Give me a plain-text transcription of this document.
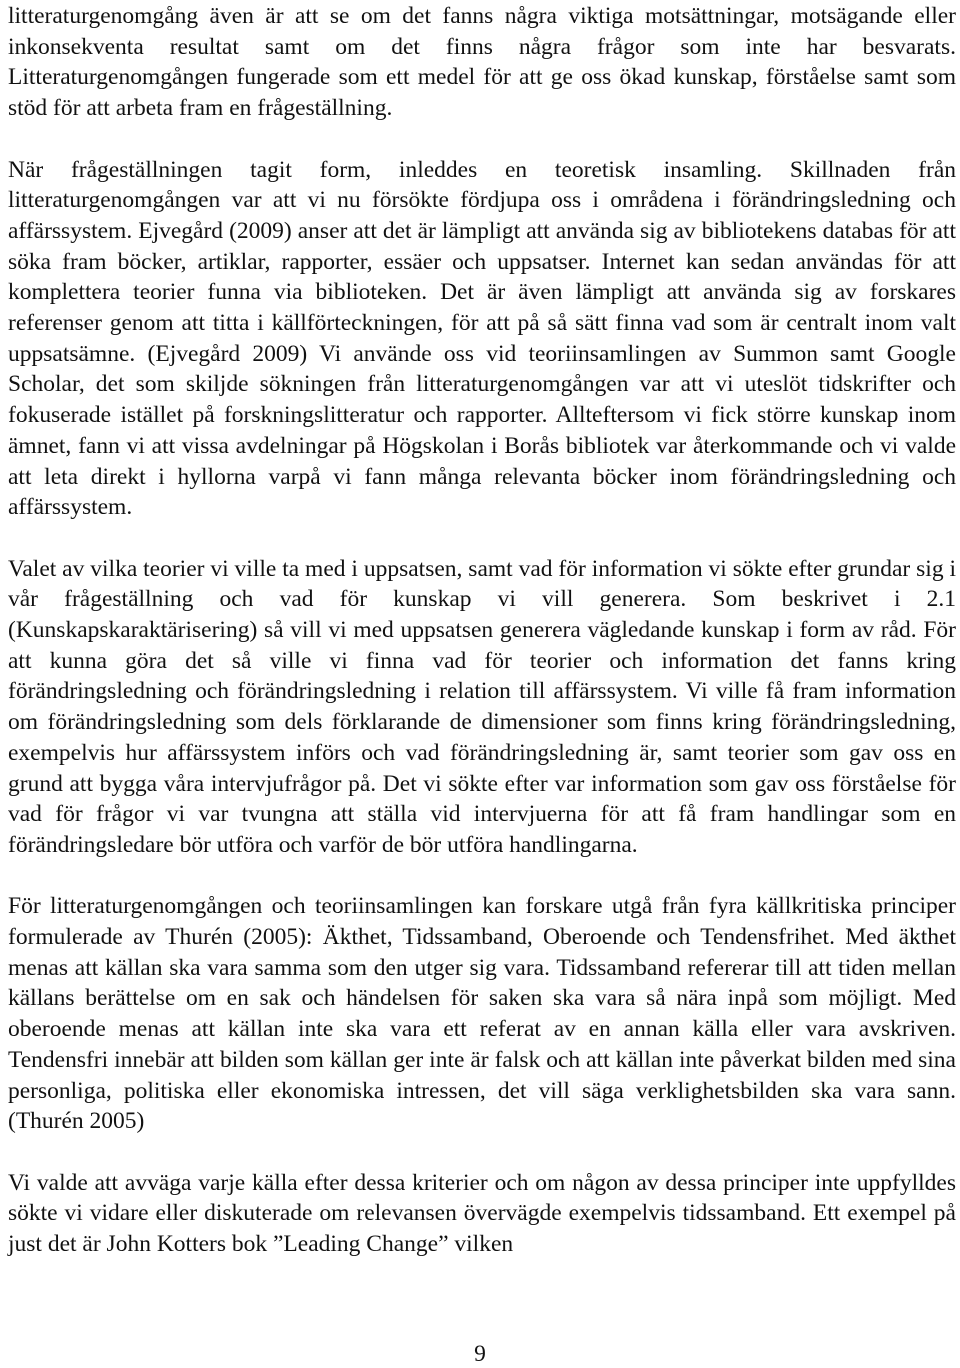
litteraturgenomgång även är att se om det fanns några viktiga motsättningar, motsägande eller inkonsekventa resultat samt om det finns några frågor som inte har besvarats. Litteraturgenomgången fungerade som ett medel för att ge oss ökad kunskap, förståelse samt som stöd för att arbeta fram en frågeställning.

När frågeställningen tagit form, inleddes en teoretisk insamling. Skillnaden från litteraturgenomgången var att vi nu försökte fördjupa oss i områdena i förändringsledning och affärssystem. Ejvegård (2009) anser att det är lämpligt att använda sig av bibliotekens databas för att söka fram böcker, artiklar, rapporter, essäer och uppsatser. Internet kan sedan användas för att komplettera teorier funna via biblioteken. Det är även lämpligt att använda sig av forskares referenser genom att titta i källförteckningen, för att på så sätt finna vad som är centralt inom valt uppsatsämne. (Ejvegård 2009) Vi använde oss vid teoriinsamlingen av Summon samt Google Scholar, det som skiljde sökningen från litteraturgenomgången var att vi uteslöt tidskrifter och fokuserade istället på forskningslitteratur och rapporter. Allteftersom vi fick större kunskap inom ämnet, fann vi att vissa avdelningar på Högskolan i Borås bibliotek var återkommande och vi valde att leta direkt i hyllorna varpå vi fann många relevanta böcker inom förändringsledning och affärssystem.

Valet av vilka teorier vi ville ta med i uppsatsen, samt vad för information vi sökte efter grundar sig i vår frågeställning och vad för kunskap vi vill generera. Som beskrivet i 2.1 (Kunskapskaraktärisering) så vill vi med uppsatsen generera vägledande kunskap i form av råd. För att kunna göra det så ville vi finna vad för teorier och information det fanns kring förändringsledning och förändringsledning i relation till affärssystem. Vi ville få fram information om förändringsledning som dels förklarande de dimensioner som finns kring förändringsledning, exempelvis hur affärssystem införs och vad förändringsledning är, samt teorier som gav oss en grund att bygga våra intervjufrågor på. Det vi sökte efter var information som gav oss förståelse för vad för frågor vi var tvungna att ställa vid intervjuerna för att få fram handlingar som en förändringsledare bör utföra och varför de bör utföra handlingarna.

För litteraturgenomgången och teoriinsamlingen kan forskare utgå från fyra källkritiska principer formulerade av Thurén (2005): Äkthet, Tidssamband, Oberoende och Tendensfrihet. Med äkthet menas att källan ska vara samma som den utger sig vara. Tidssamband refererar till att tiden mellan källans berättelse om en sak och händelsen för saken ska vara så nära inpå som möjligt. Med oberoende menas att källan inte ska vara ett referat av en annan källa eller vara avskriven. Tendensfri innebär att bilden som källan ger inte är falsk och att källan inte påverkat bilden med sina personliga, politiska eller ekonomiska intressen, det vill säga verklighetsbilden ska vara sann. (Thurén 2005)

Vi valde att avväga varje källa efter dessa kriterier och om någon av dessa principer inte uppfylldes sökte vi vidare eller diskuterade om relevansen övervägde exempelvis tidssamband. Ett exempel på just det är John Kotters bok ”Leading Change” vilken

9
